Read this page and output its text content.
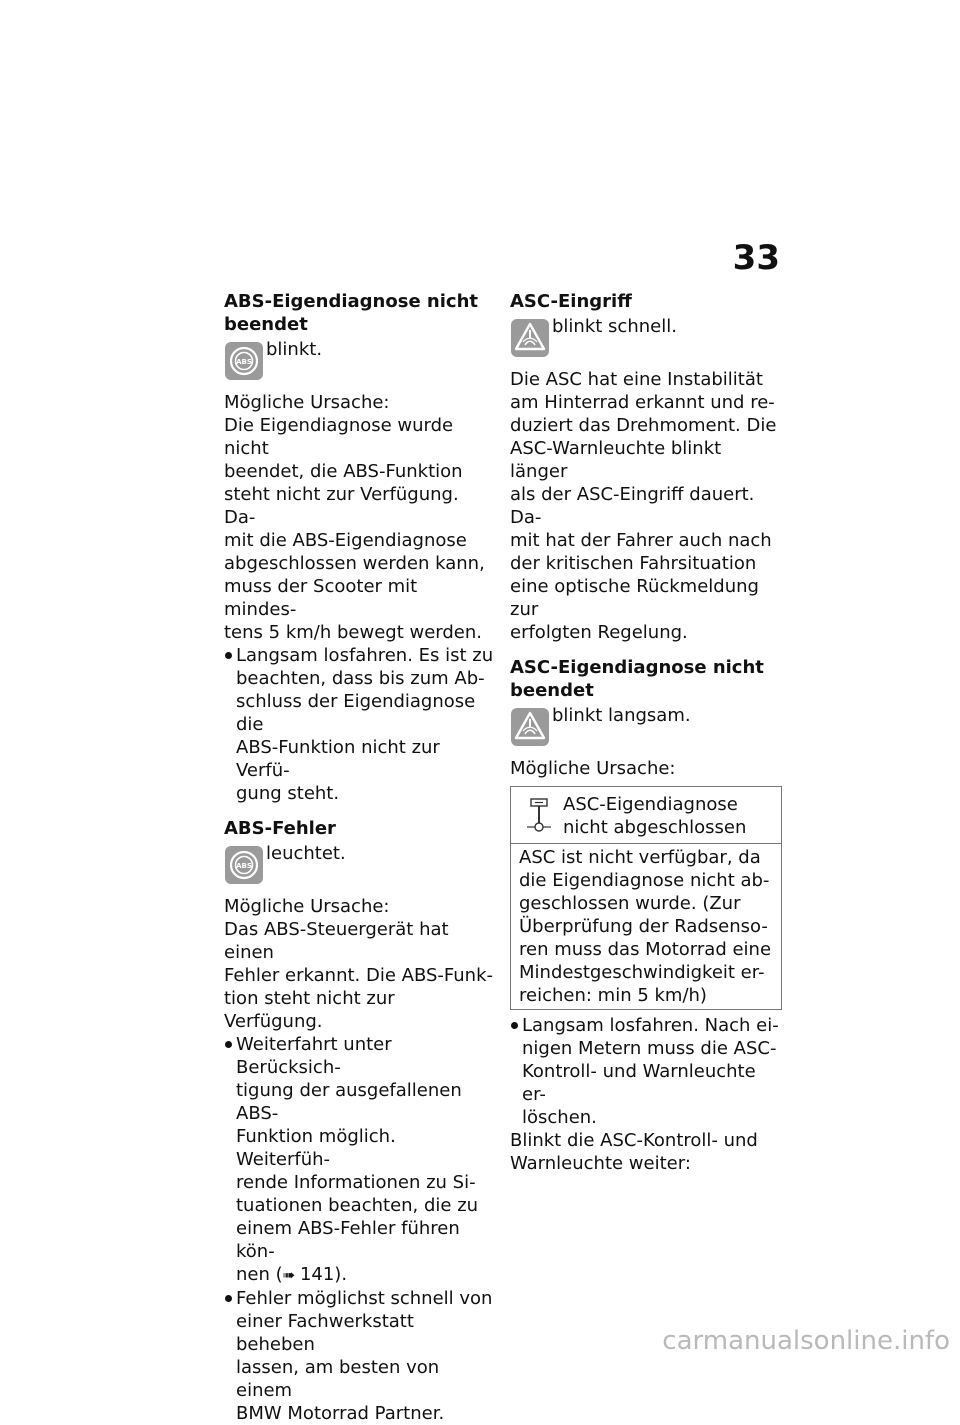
33
ABS-Eigendiagnose nicht
beendet
ABS
blinkt.

Mögliche Ursache:

Die Eigendiagnose wurde nicht
beendet, die ABS-Funktion
steht nicht zur Verfügung. Da-
mit die ABS-Eigendiagnose
abgeschlossen werden kann,
muss der Scooter mit mindes-
tens 5 km/h bewegt werden.
Langsam losfahren. Es ist zu
beachten, dass bis zum Ab-
schluss der Eigendiagnose die
ABS-Funktion nicht zur Verfü-
gung steht.
ABS-Fehler
ABS
leuchtet.

Mögliche Ursache:

Das ABS-Steuergerät hat einen
Fehler erkannt. Die ABS-Funk-
tion steht nicht zur Verfügung.
Weiterfahrt unter Berücksich-
tigung der ausgefallenen ABS-
Funktion möglich. Weiterfüh-
rende Informationen zu Si-
tuationen beachten, die zu
einem ABS-Fehler führen kön-
nen (➠ 141).
Fehler möglichst schnell von
einer Fachwerkstatt beheben
lassen, am besten von einem
BMW Motorrad Partner.
ASC-Eingriff
blinkt schnell.
Die ASC hat eine Instabilität
am Hinterrad erkannt und re-
duziert das Drehmoment. Die
ASC-Warnleuchte blinkt länger
als der ASC-Eingriff dauert. Da-
mit hat der Fahrer auch nach
der kritischen Fahrsituation
eine optische Rückmeldung zur
erfolgten Regelung.
ASC-Eigendiagnose nicht
beendet
blinkt langsam.

Mögliche Ursache:

ASC-Eigendiagnose
nicht abgeschlossen
ASC ist nicht verfügbar, da
die Eigendiagnose nicht ab-
geschlossen wurde. (Zur
Überprüfung der Radsenso-
ren muss das Motorrad eine
Mindestgeschwindigkeit er-
reichen: min 5 km/h)
Langsam losfahren. Nach ei-
nigen Metern muss die ASC-
Kontroll- und Warnleuchte er-
löschen.
Blinkt die ASC-Kontroll- und
Warnleuchte weiter:
carmanualsonline.info
